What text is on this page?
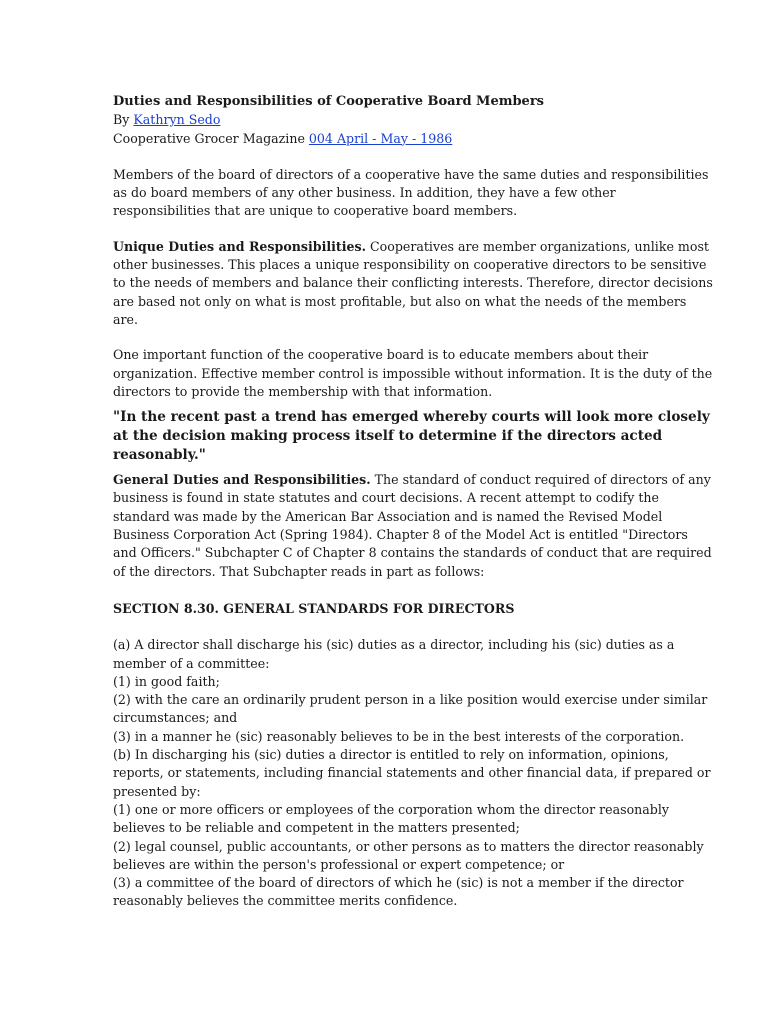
Duties and Responsibilities of Cooperative Board Members

By Kathryn Sedo

Cooperative Grocer Magazine 004 April - May - 1986

Members of the board of directors of a cooperative have the same duties and responsibilities as do board members of any other business. In addition, they have a few other responsibilities that are unique to cooperative board members.

Unique Duties and Responsibilities. Cooperatives are member organizations, unlike most other businesses. This places a unique responsibility on cooperative directors to be sensitive to the needs of members and balance their conflicting interests. Therefore, director decisions are based not only on what is most profitable, but also on what the needs of the members are.

One important function of the cooperative board is to educate members about their organization. Effective member control is impossible without information. It is the duty of the directors to provide the membership with that information.

"In the recent past a trend has emerged whereby courts will look more closely at the decision making process itself to determine if the directors acted reasonably."

General Duties and Responsibilities. The standard of conduct required of directors of any business is found in state statutes and court decisions. A recent attempt to codify the standard was made by the American Bar Association and is named the Revised Model Business Corporation Act (Spring 1984). Chapter 8 of the Model Act is entitled "Directors and Officers." Subchapter C of Chapter 8 contains the standards of conduct that are required of the directors. That Subchapter reads in part as follows:

SECTION 8.30. GENERAL STANDARDS FOR DIRECTORS

(a) A director shall discharge his (sic) duties as a director, including his (sic) duties as a member of a committee:

(1) in good faith;

(2) with the care an ordinarily prudent person in a like position would exercise under similar circumstances; and

(3) in a manner he (sic) reasonably believes to be in the best interests of the corporation.

(b) In discharging his (sic) duties a director is entitled to rely on information, opinions, reports, or statements, including financial statements and other financial data, if prepared or presented by:

(1) one or more officers or employees of the corporation whom the director reasonably believes to be reliable and competent in the matters presented;

(2) legal counsel, public accountants, or other persons as to matters the director reasonably believes are within the person's professional or expert competence; or

(3) a committee of the board of directors of which he (sic) is not a member if the director reasonably believes the committee merits confidence.
